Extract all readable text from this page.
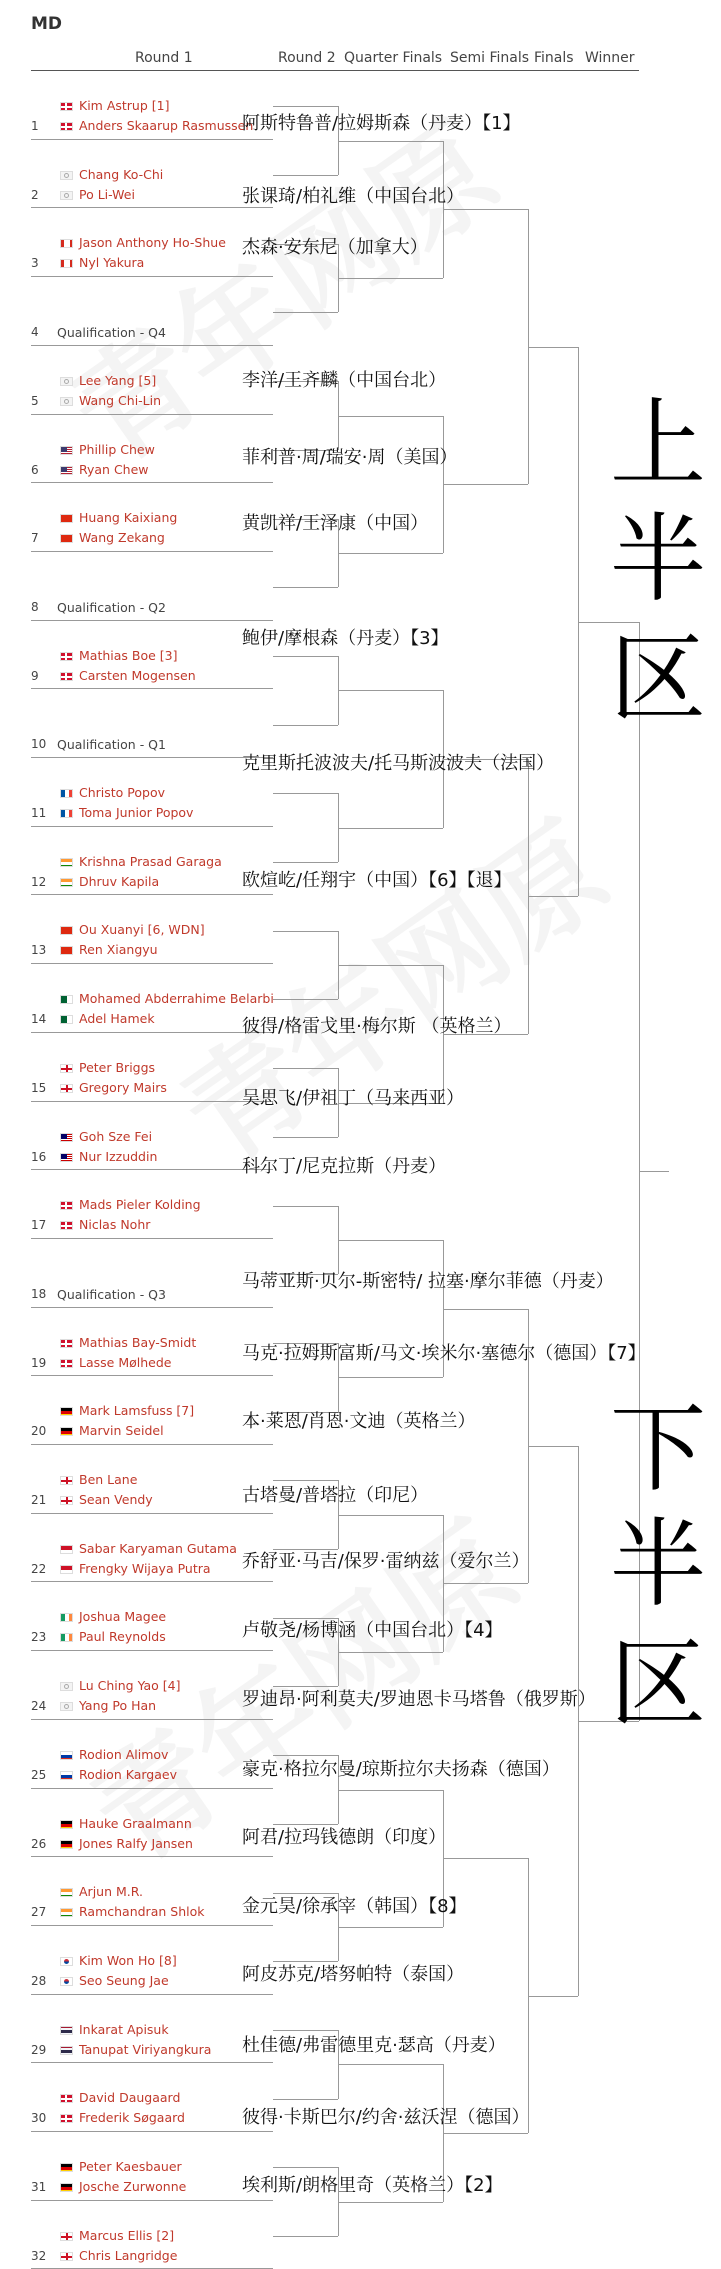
MD
Round 1	Round 2 Quarter Finals Semi Finals Finals Winner
1
Kim Astrup [1]
Anders Skaarup Rasmussen
2
Chang Ko-Chi
Po Li-Wei
3
Jason Anthony Ho-Shue
Nyl Yakura
4 Qualification - Q4
5
Lee Yang [5]
Wang Chi-Lin
6
Phillip Chew
Ryan Chew
7
Huang Kaixiang
Wang Zekang
8 Qualification - Q2
9
Mathias Boe [3]
Carsten Mogensen
10 Qualification - Q1
11
Christo Popov
Toma Junior Popov
12
Krishna Prasad Garaga
Dhruv Kapila
13
Ou Xuanyi [6, WDN]
Ren Xiangyu
14
Mohamed Abderrahime Belarbi
Adel Hamek
15
Peter Briggs
Gregory Mairs
16
Goh Sze Fei
Nur Izzuddin
17
Mads Pieler Kolding
Niclas Nohr
18 Qualification - Q3
19
Mathias Bay-Smidt
Lasse Mølhede
20
Mark Lamsfuss [7]
Marvin Seidel
21
Ben Lane
Sean Vendy
22
Sabar Karyaman Gutama
Frengky Wijaya Putra
23
Joshua Magee
Paul Reynolds
24
Lu Ching Yao [4]
Yang Po Han
25
Rodion Alimov
Rodion Kargaev
26
Hauke Graalmann
Jones Ralfy Jansen
27
Arjun M.R.
Ramchandran Shlok
28
Kim Won Ho [8]
Seo Seung Jae
29
Inkarat Apisuk
Tanupat Viriyangkura
30
David Daugaard
Frederik Søgaard
31
Peter Kaesbauer
Josche Zurwonne
32
Marcus Ellis [2]
Chris Langridge
阿斯特鲁普/拉姆斯森（丹麦）【1】
张课琦/柏礼维（中国台北）
杰森·安东尼（加拿大）
李洋/王齐麟（中国台北）
菲利普·周/瑞安·周（美国）
黄凯祥/王泽康（中国）
鲍伊/摩根森（丹麦）【3】
克里斯托波波夫/托马斯波波夫（法国）
欧煊屹/任翔宇（中国）【6】【退】
彼得/格雷戈里·梅尔斯 （英格兰）
吴思飞/伊祖丁（马来西亚）
科尔丁/尼克拉斯（丹麦）
马蒂亚斯·贝尔-斯密特/ 拉塞·摩尔菲德（丹麦）
马克·拉姆斯富斯/马文·埃米尔·塞德尔（德国）【7】
本·莱恩/肖恩·文迪（英格兰）
古塔曼/普塔拉（印尼）
乔舒亚·马吉/保罗·雷纳兹（爱尔兰）
卢敬尧/杨博涵（中国台北）【4】
罗迪昂·阿利莫夫/罗迪恩卡马塔鲁（俄罗斯）
豪克·格拉尔曼/琼斯拉尔夫扬森（德国）
阿君/拉玛钱德朗（印度）
金元昊/徐承宰（韩国）【8】
阿皮苏克/塔努帕特（泰国）
杜佳德/弗雷德里克·瑟高（丹麦）
彼得·卡斯巴尔/约舍·兹沃涅（德国）
埃利斯/朗格里奇（英格兰）【2】
上
半
区
下
半
区
